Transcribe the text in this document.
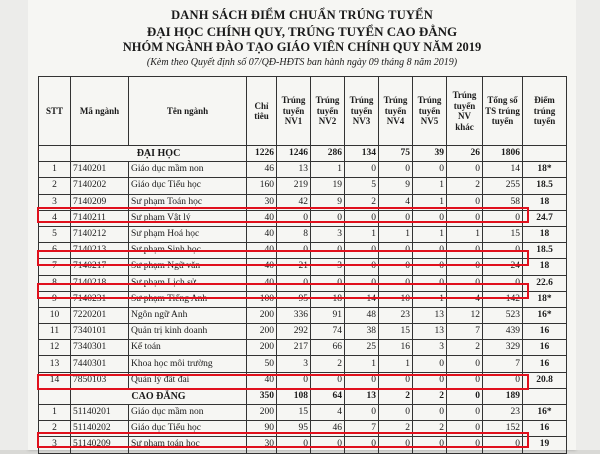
DANH SÁCH ĐIỂM CHUẨN TRÚNG TUYỂN
ĐẠI HỌC CHÍNH QUY, TRÚNG TUYỂN CAO ĐẲNG
NHÓM NGÀNH ĐÀO TẠO GIÁO VIÊN CHÍNH QUY NĂM 2019
(Kèm theo Quyết định số 07/QĐ-HĐTS ban hành ngày 09 tháng 8 năm 2019)
STT	Mã ngành	Tên ngành	Chỉ tiêu	Trúng tuyển NV1	Trúng tuyển NV2	Trúng tuyển NV3	Trúng tuyển NV4	Trúng tuyển NV5	Trúng tuyển NV khác	Tổng số TS trúng tuyển	Điểm trúng tuyển
	ĐẠI HỌC		1226	1246	286	134	75	39	26	1806	
1	7140201	Giáo dục mầm non	46	13	1	0	0	0	0	14	18*
2	7140202	Giáo dục Tiểu học	160	219	19	5	9	1	2	255	18.5
3	7140209	Sư phạm Toán học	30	42	9	2	4	1	0	58	18
4	7140211	Sư phạm Vật lý	40	0	0	0	0	0	0	0	24.7
5	7140212	Sư phạm Hoá học	40	8	3	1	1	1	1	15	18
6	7140213	Sư phạm Sinh học	40	0	0	0	0	0	0	0	18.5
7	7140217	Sư phạm Ngữ văn	40	21	3	0	0	0	0	24	18
8	7140218	Sư phạm Lịch sử	40	0	0	0	0	0	0	0	22.6
9	7140231	Sư phạm Tiếng Anh	100	95	18	14	10	1	4	142	18*
10	7220201	Ngôn ngữ Anh	200	336	91	48	23	13	12	523	16*
11	7340101	Quản trị kinh doanh	200	292	74	38	15	13	7	439	16
12	7340301	Kế toán	200	217	66	25	16	3	2	329	16
13	7440301	Khoa học môi trường	50	3	2	1	1	0	0	7	16
14	7850103	Quản lý đất đai	40	0	0	0	0	0	0	0	20.8
	CAO ĐẲNG		350	108	64	13	2	2	0	189	
1	51140201	Giáo dục mầm non	200	15	4	0	0	0	0	23	16*
2	51140202	Giáo dục Tiểu học	90	95	46	7	2	2	0	152	16
3	51140209	Sư phạm toán học	30	0	0	0	0	0	0	0	19
